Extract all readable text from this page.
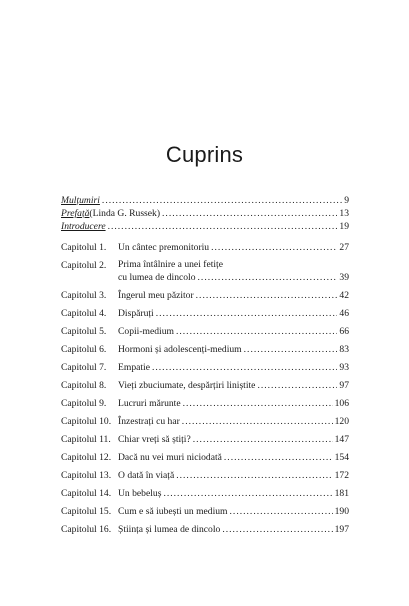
Cuprins
Mulțumiri .....	9
Prefață (Linda G. Russek) .....	13
Introducere .....	19
Capitolul 1.	Un cântec premonitoriu .....	27
Capitolul 2.	Prima întâlnire a unei fetițe
cu lumea de dincolo .....	39
Capitolul 3.	Îngerul meu păzitor .....	42
Capitolul 4.	Dispăruți .....	46
Capitolul 5.	Copii-medium .....	66
Capitolul 6.	Hormoni și adolescenți-medium .....	83
Capitolul 7.	Empatie .....	93
Capitolul 8.	Vieți zbuciumate, despărțiri liniștite .....	97
Capitolul 9.	Lucruri mărunte .....	106
Capitolul 10. Înzestrați cu har .....	120
Capitolul 11. Chiar vreți să știți? .....	147
Capitolul 12. Dacă nu vei muri niciodată .....	154
Capitolul 13. O dată în viață .....	172
Capitolul 14. Un bebeluș .....	181
Capitolul 15. Cum e să iubești un medium .....	190
Capitolul 16. Știința și lumea de dincolo .....	197
